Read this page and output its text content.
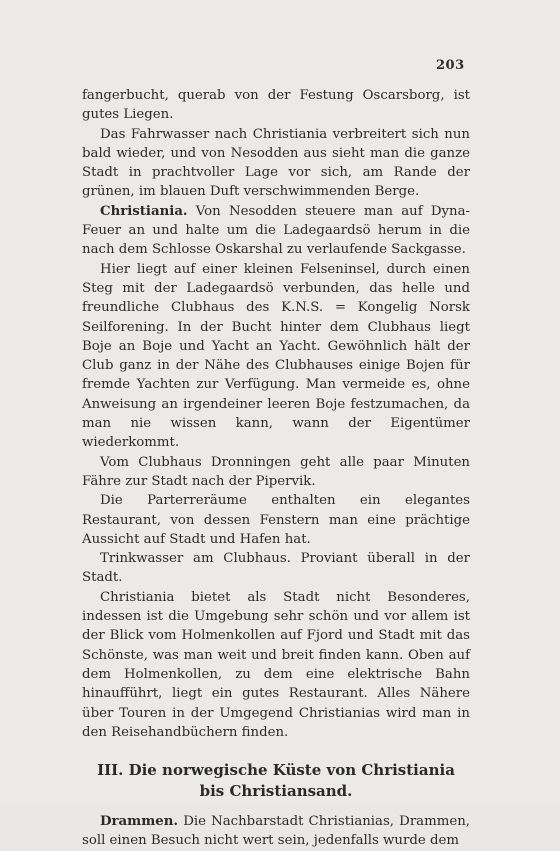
203

fangerbucht, querab von der Festung Oscarsborg, ist gutes Liegen.

Das Fahrwasser nach Christiania verbreitert sich nun bald wieder, und von Nesodden aus sieht man die ganze Stadt in prachtvoller Lage vor sich, am Rande der grünen, im blauen Duft verschwimmenden Berge.

Christiania. Von Nesodden steuere man auf Dyna-Feuer an und halte um die Ladegaardsö herum in die nach dem Schlosse Oskarshal zu verlaufende Sackgasse.

Hier liegt auf einer kleinen Felseninsel, durch einen Steg mit der Ladegaardsö verbunden, das helle und freundliche Clubhaus des K.N.S. = Kongelig Norsk Seilforening. In der Bucht hinter dem Clubhaus liegt Boje an Boje und Yacht an Yacht. Gewöhnlich hält der Club ganz in der Nähe des Clubhauses einige Bojen für fremde Yachten zur Verfügung. Man vermeide es, ohne Anweisung an irgendeiner leeren Boje festzumachen, da man nie wissen kann, wann der Eigentümer wiederkommt.

Vom Clubhaus Dronningen geht alle paar Minuten Fähre zur Stadt nach der Pipervik.

Die Parterreräume enthalten ein elegantes Restaurant, von dessen Fenstern man eine prächtige Aussicht auf Stadt und Hafen hat.

Trinkwasser am Clubhaus. Proviant überall in der Stadt.

Christiania bietet als Stadt nicht Besonderes, indessen ist die Umgebung sehr schön und vor allem ist der Blick vom Holmenkollen auf Fjord und Stadt mit das Schönste, was man weit und breit finden kann. Oben auf dem Holmenkollen, zu dem eine elektrische Bahn hinaufführt, liegt ein gutes Restaurant. Alles Nähere über Touren in der Umgegend Christianias wird man in den Reisehandbüchern finden.

III. Die norwegische Küste von Christiania
bis Christiansand.

Drammen. Die Nachbarstadt Christianias, Drammen, soll einen Besuch nicht wert sein, jedenfalls wurde dem
